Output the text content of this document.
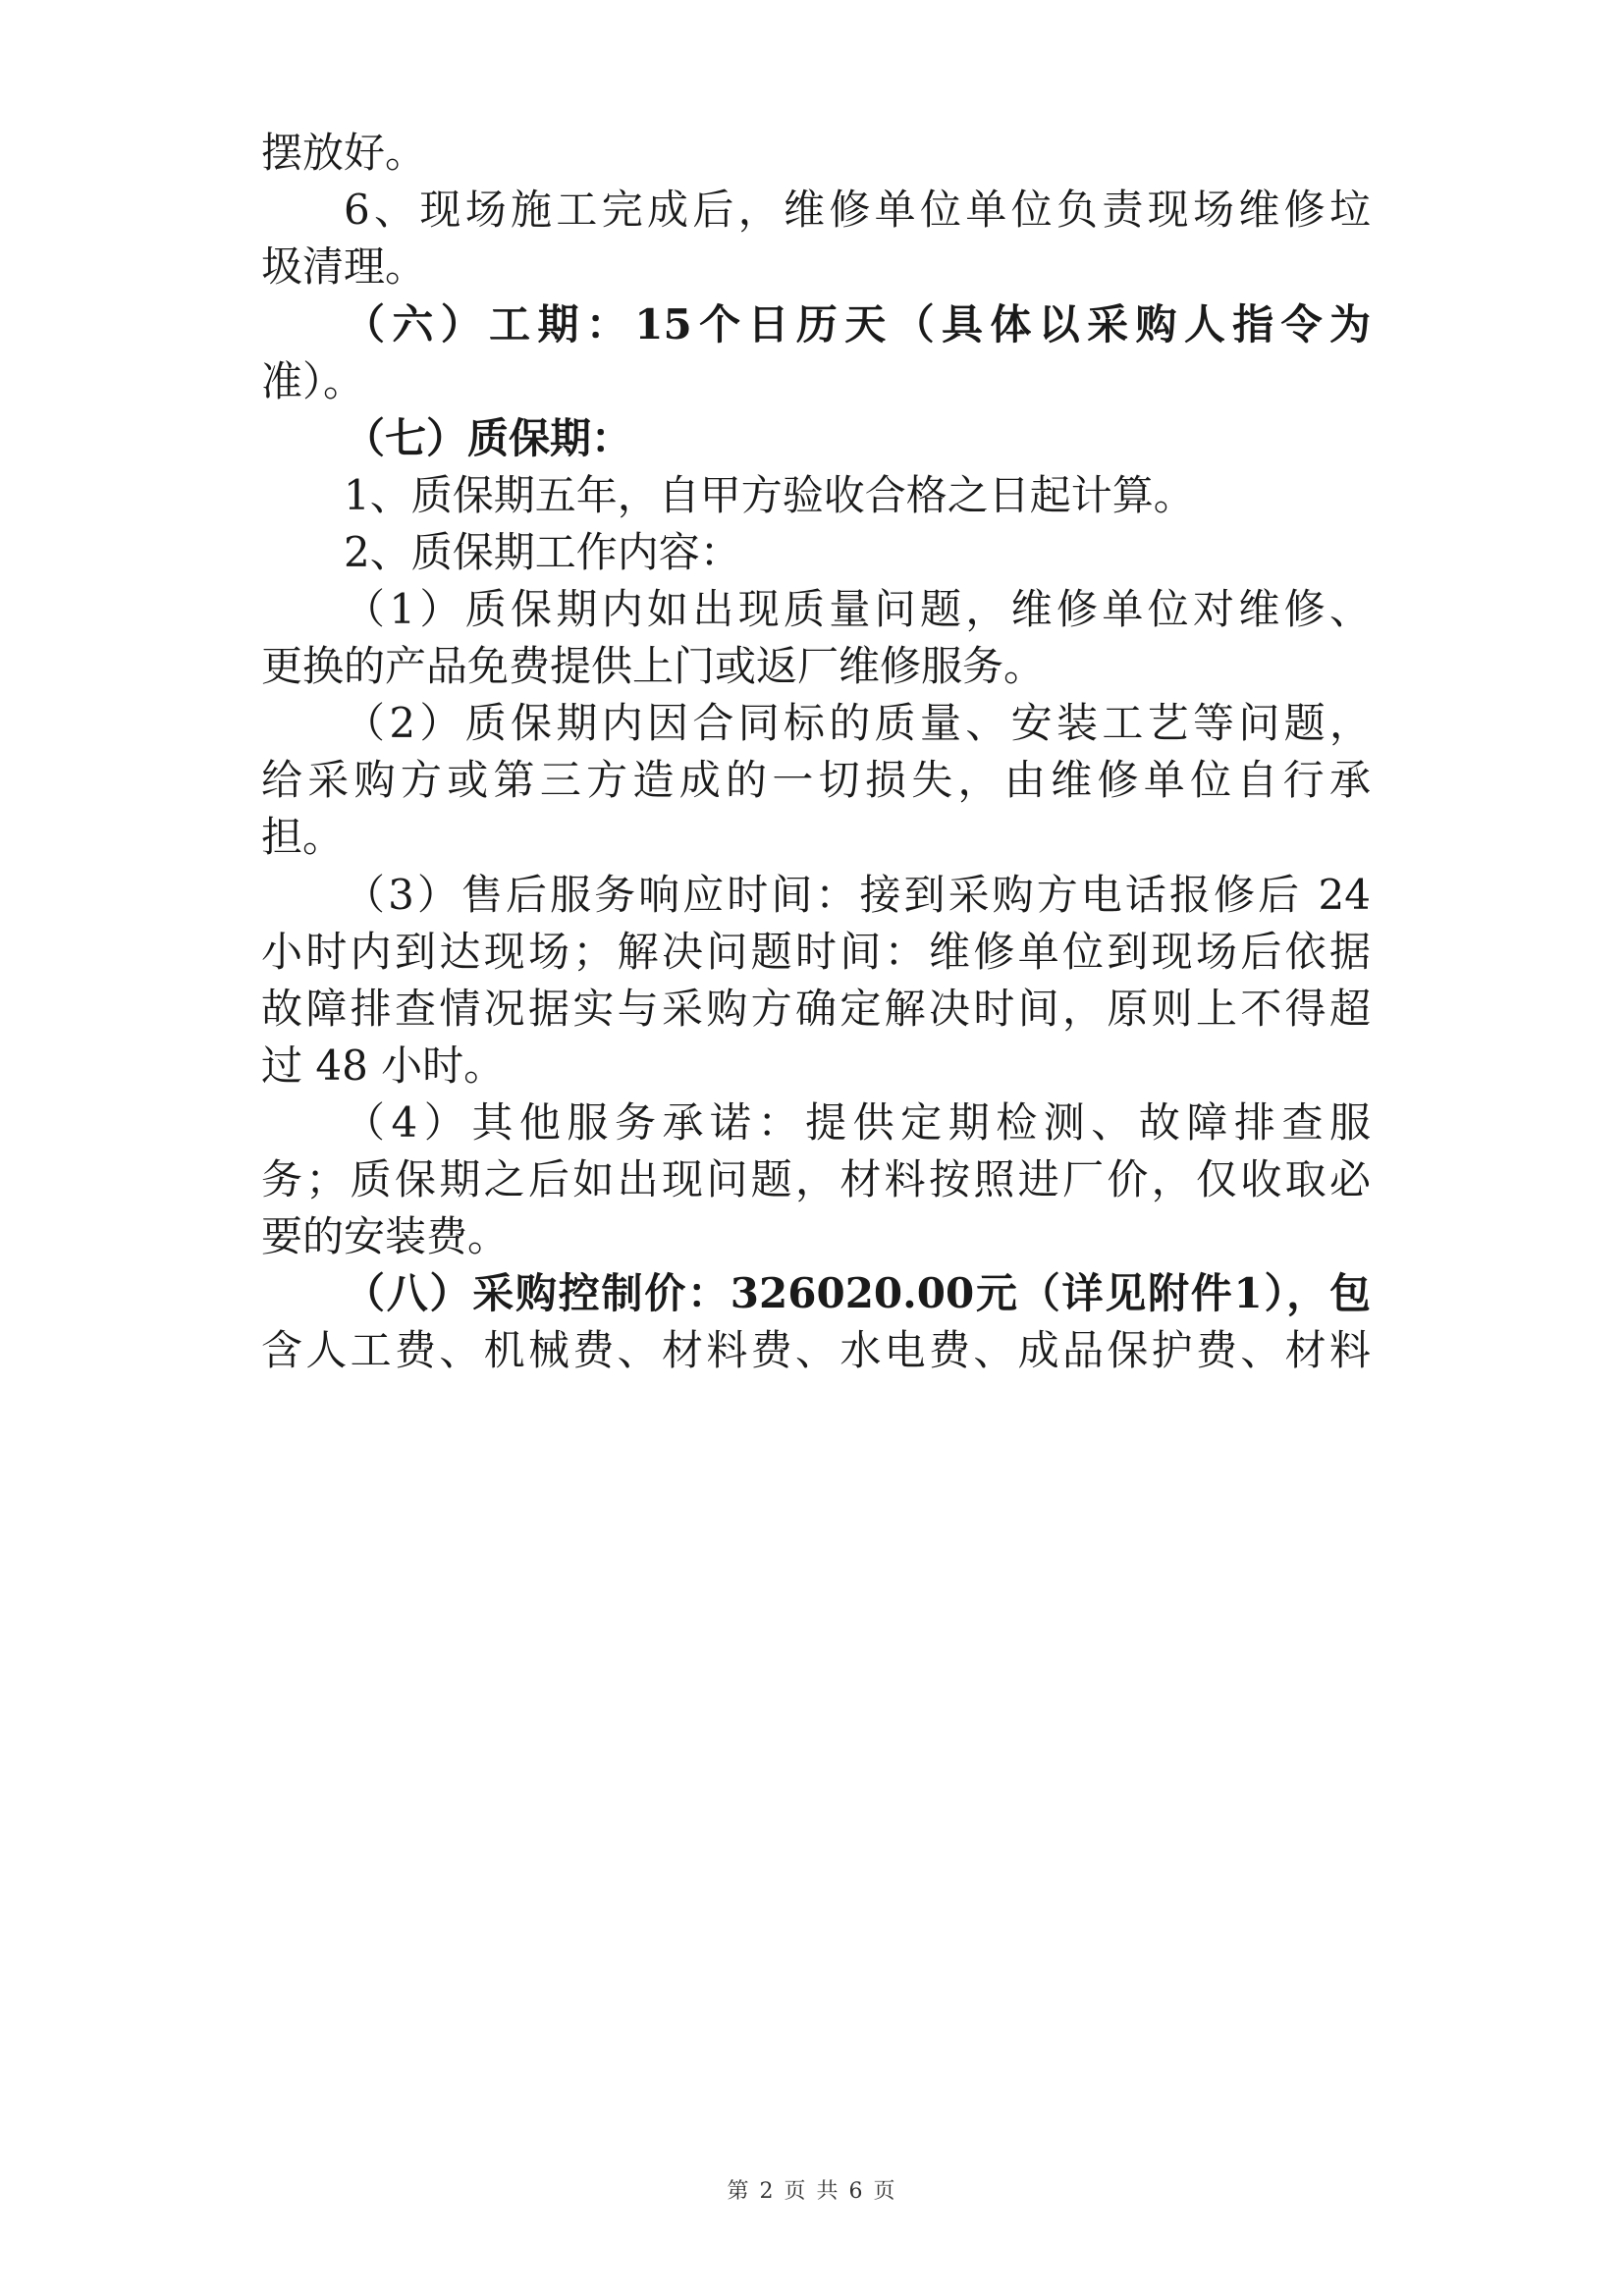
摆放好。
6、现场施工完成后，维修单位单位负责现场维修垃
圾清理。
（六）工期：15个日历天（具体以采购人指令为
准）。
（七）质保期：
1、质保期五年，自甲方验收合格之日起计算。
2、质保期工作内容：
（1）质保期内如出现质量问题，维修单位对维修、
更换的产品免费提供上门或返厂维修服务。
（2）质保期内因合同标的质量、安装工艺等问题，
给采购方或第三方造成的一切损失，由维修单位自行承
担。
（3）售后服务响应时间：接到采购方电话报修后 24
小时内到达现场；解决问题时间：维修单位到现场后依据
故障排查情况据实与采购方确定解决时间，原则上不得超
过 48 小时。
（4）其他服务承诺：提供定期检测、故障排查服
务；质保期之后如出现问题，材料按照进厂价，仅收取必
要的安装费。
（八）采购控制价：326020.00元（详见附件1），包
含人工费、机械费、材料费、水电费、成品保护费、材料
第 2 页 共 6 页
